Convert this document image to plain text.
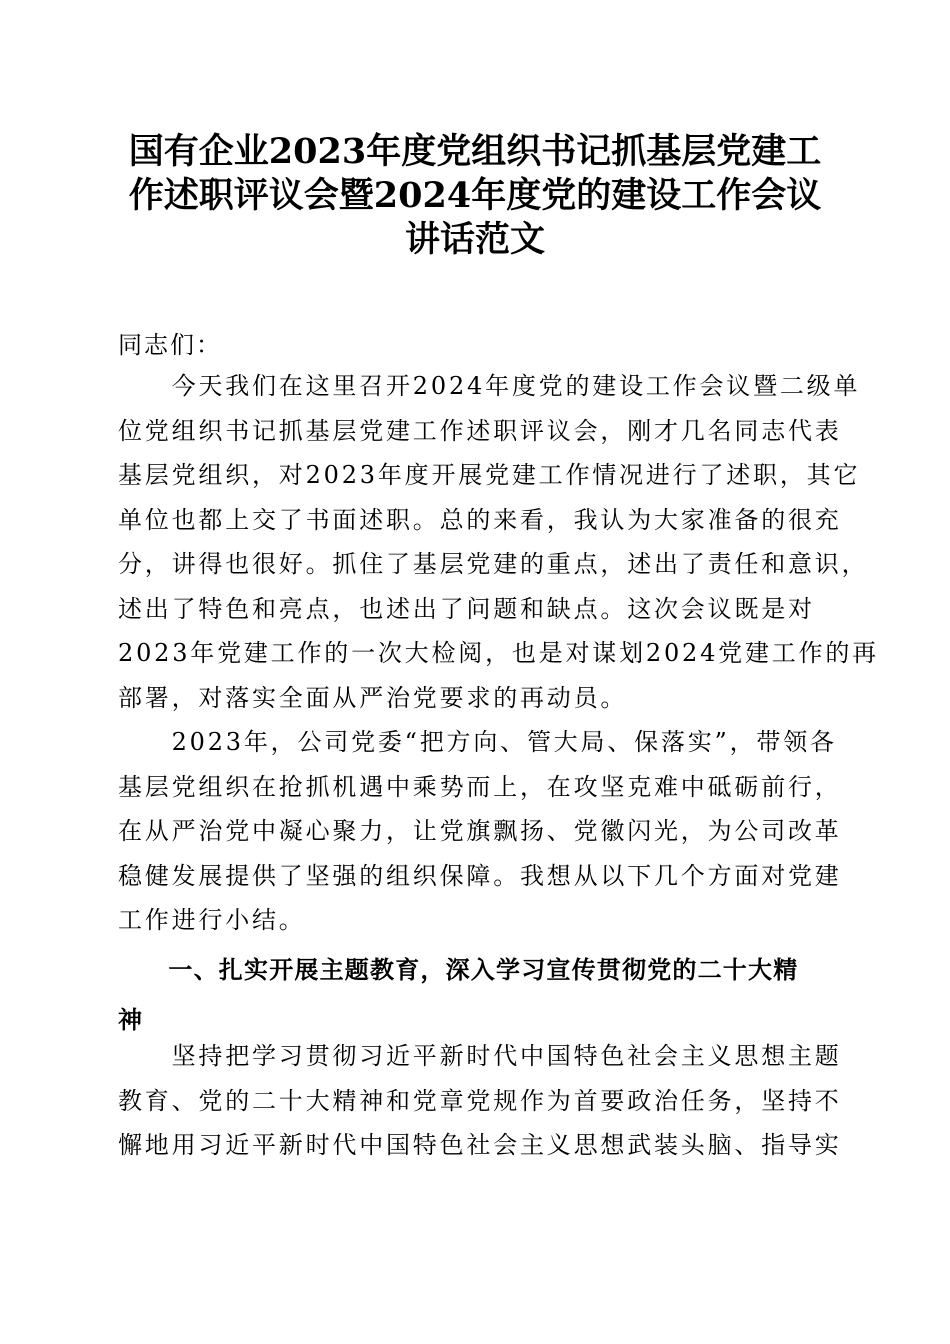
国有企业2023年度党组织书记抓基层党建工
作述职评议会暨2024年度党的建设工作会议
讲话范文
同志们：
　　今天我们在这里召开2024年度党的建设工作会议暨二级单
位党组织书记抓基层党建工作述职评议会，刚才几名同志代表
基层党组织，对2023年度开展党建工作情况进行了述职，其它
单位也都上交了书面述职。总的来看，我认为大家准备的很充
分，讲得也很好。抓住了基层党建的重点，述出了责任和意识，
述出了特色和亮点，也述出了问题和缺点。这次会议既是对
2023年党建工作的一次大检阅，也是对谋划2024党建工作的再
部署，对落实全面从严治党要求的再动员。
　　2023年，公司党委“把方向、管大局、保落实”，带领各
基层党组织在抢抓机遇中乘势而上，在攻坚克难中砥砺前行，
在从严治党中凝心聚力，让党旗飘扬、党徽闪光，为公司改革
稳健发展提供了坚强的组织保障。我想从以下几个方面对党建
工作进行小结。
　　一、扎实开展主题教育，深入学习宣传贯彻党的二十大精
神
　　坚持把学习贯彻习近平新时代中国特色社会主义思想主题
教育、党的二十大精神和党章党规作为首要政治任务，坚持不
懈地用习近平新时代中国特色社会主义思想武装头脑、指导实
